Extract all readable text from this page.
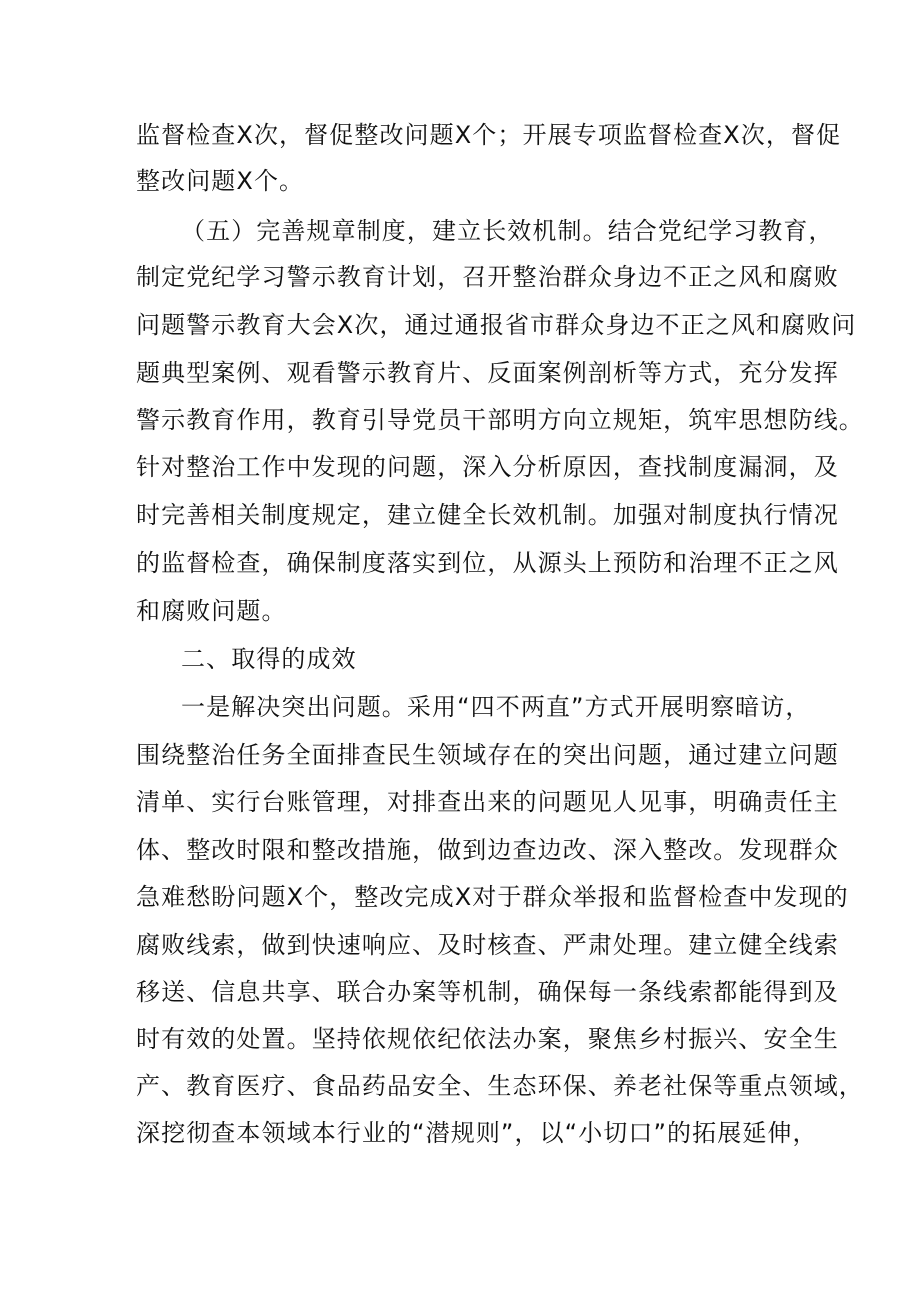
监督检查X次，督促整改问题X个；开展专项监督检查X次，督促
整改问题X个。
（五）完善规章制度，建立长效机制。结合党纪学习教育，
制定党纪学习警示教育计划，召开整治群众身边不正之风和腐败
问题警示教育大会X次，通过通报省市群众身边不正之风和腐败问
题典型案例、观看警示教育片、反面案例剖析等方式，充分发挥
警示教育作用，教育引导党员干部明方向立规矩，筑牢思想防线。
针对整治工作中发现的问题，深入分析原因，查找制度漏洞，及
时完善相关制度规定，建立健全长效机制。加强对制度执行情况
的监督检查，确保制度落实到位，从源头上预防和治理不正之风
和腐败问题。
二、取得的成效
一是解决突出问题。采用“四不两直”方式开展明察暗访，
围绕整治任务全面排查民生领域存在的突出问题，通过建立问题
清单、实行台账管理，对排查出来的问题见人见事，明确责任主
体、整改时限和整改措施，做到边查边改、深入整改。发现群众
急难愁盼问题X个，整改完成X对于群众举报和监督检查中发现的
腐败线索，做到快速响应、及时核查、严肃处理。建立健全线索
移送、信息共享、联合办案等机制，确保每一条线索都能得到及
时有效的处置。坚持依规依纪依法办案，聚焦乡村振兴、安全生
产、教育医疗、食品药品安全、生态环保、养老社保等重点领域，
深挖彻查本领域本行业的“潜规则”，以“小切口”的拓展延伸，
